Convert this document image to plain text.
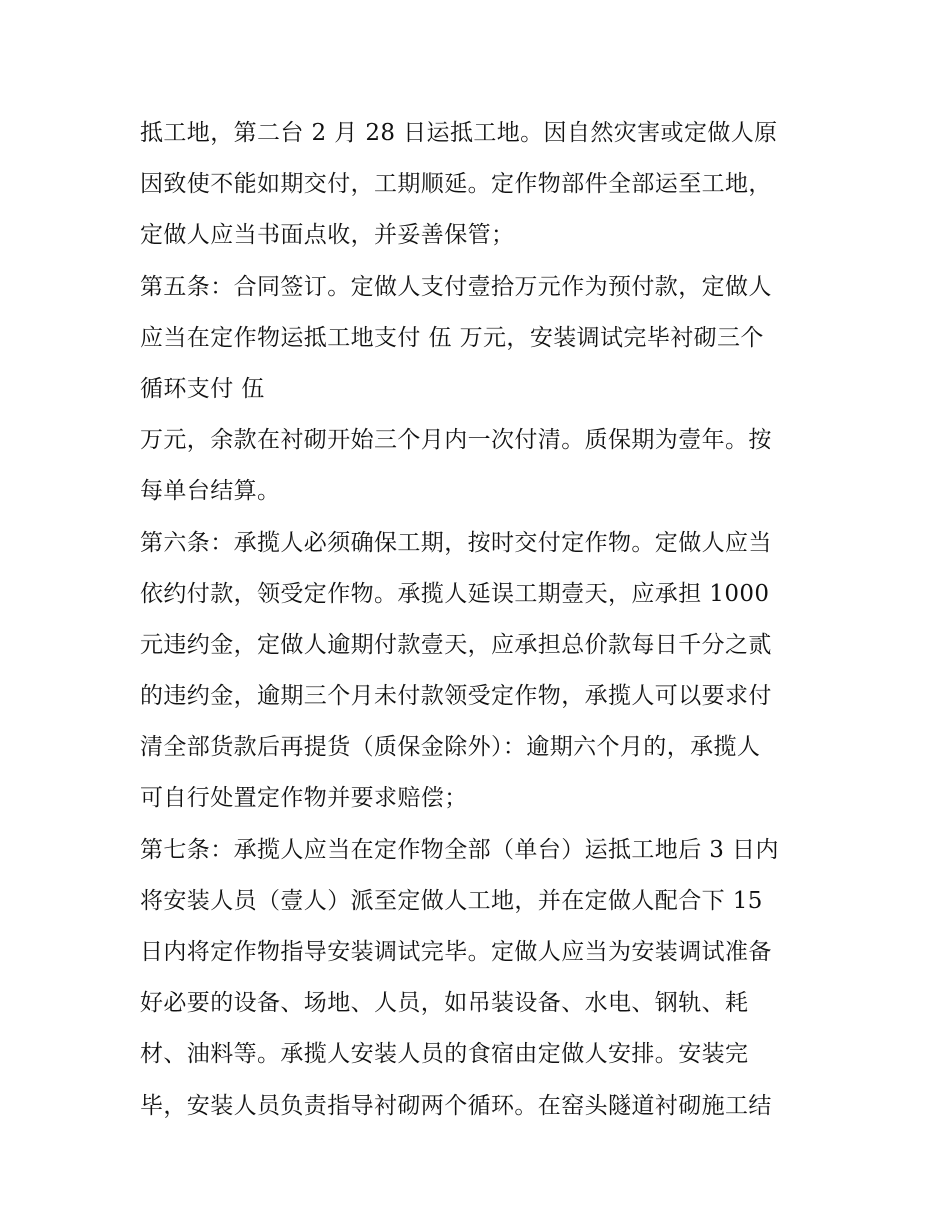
抵工地，第二台 2 月 28 日运抵工地。因自然灾害或定做人原
因致使不能如期交付，工期顺延。定作物部件全部运至工地，
定做人应当书面点收，并妥善保管；
第五条：合同签订。定做人支付壹拾万元作为预付款，定做人
应当在定作物运抵工地支付 伍 万元，安装调试完毕衬砌三个
循环支付 伍
万元，余款在衬砌开始三个月内一次付清。质保期为壹年。按
每单台结算。
第六条：承揽人必须确保工期，按时交付定作物。定做人应当
依约付款，领受定作物。承揽人延误工期壹天，应承担 1000
元违约金，定做人逾期付款壹天，应承担总价款每日千分之贰
的违约金，逾期三个月未付款领受定作物，承揽人可以要求付
清全部货款后再提货（质保金除外）：逾期六个月的，承揽人
可自行处置定作物并要求赔偿；
第七条：承揽人应当在定作物全部（单台）运抵工地后 3 日内
将安装人员（壹人）派至定做人工地，并在定做人配合下 15
日内将定作物指导安装调试完毕。定做人应当为安装调试准备
好必要的设备、场地、人员，如吊装设备、水电、钢轨、耗
材、油料等。承揽人安装人员的食宿由定做人安排。安装完
毕，安装人员负责指导衬砌两个循环。在窑头隧道衬砌施工结
